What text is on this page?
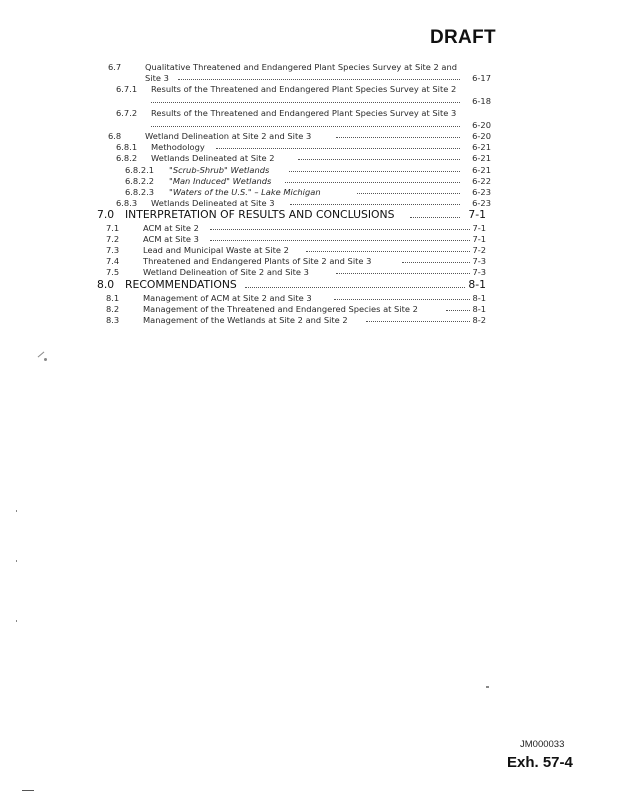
DRAFT
6.7	Qualitative Threatened and Endangered Plant Species Survey at Site 2 and
Site 3	6-17
6.7.1 Results of the Threatened and Endangered Plant Species Survey at Site 2
6-18
6.7.2 Results of the Threatened and Endangered Plant Species Survey at Site 3
6-20
6.8	Wetland Delineation at Site 2 and Site 3	6-20
6.8.1 Methodology	6-21
6.8.2 Wetlands Delineated at Site 2	6-21
6.8.2.1 "Scrub-Shrub" Wetlands	6-21
6.8.2.2 "Man Induced" Wetlands	6-22
6.8.2.3 "Waters of the U.S." – Lake Michigan	6-23
6.8.3 Wetlands Delineated at Site 3	6-23
7.0 INTERPRETATION OF RESULTS AND CONCLUSIONS	7-1
7.1	ACM at Site 2	7-1
7.2	ACM at Site 3	7-1
7.3	Lead and Municipal Waste at Site 2	7-2
7.4	Threatened and Endangered Plants of Site 2 and Site 3	7-3
7.5	Wetland Delineation of Site 2 and Site 3	7-3
8.0 RECOMMENDATIONS	8-1
8.1	Management of ACM at Site 2 and Site 3	8-1
8.2	Management of the Threatened and Endangered Species at Site 2	8-1
8.3	Management of the Wetlands at Site 2 and Site 2	8-2
JM000033
Exh. 57-4
